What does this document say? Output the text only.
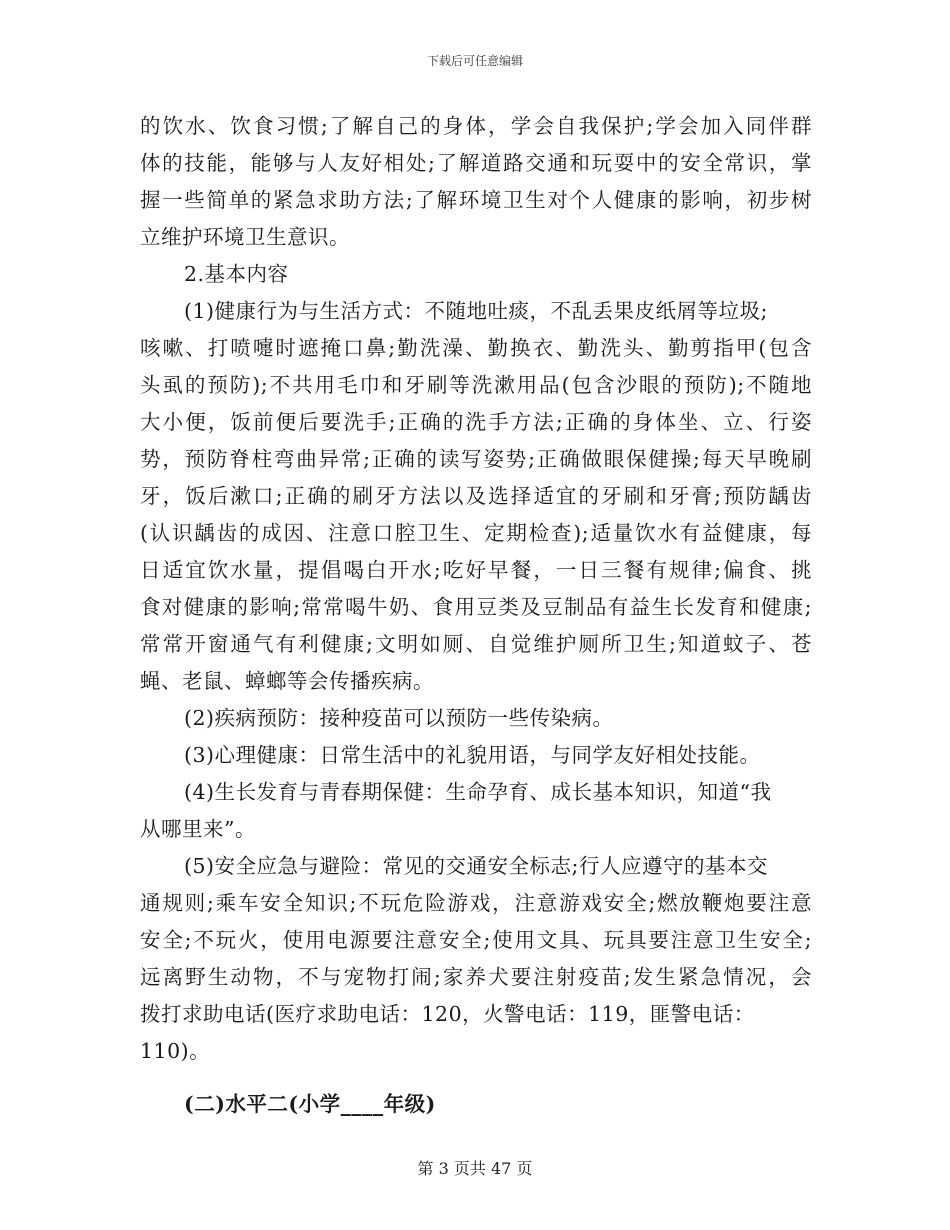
下载后可任意编辑
的饮水、饮食习惯;了解自己的身体，学会自我保护;学会加入同伴群
体的技能，能够与人友好相处;了解道路交通和玩耍中的安全常识，掌
握一些简单的紧急求助方法;了解环境卫生对个人健康的影响，初步树
立维护环境卫生意识。
2.基本内容
(1)健康行为与生活方式：不随地吐痰，不乱丢果皮纸屑等垃圾;
咳嗽、打喷嚏时遮掩口鼻;勤洗澡、勤换衣、勤洗头、勤剪指甲(包含
头虱的预防);不共用毛巾和牙刷等洗漱用品(包含沙眼的预防);不随地
大小便，饭前便后要洗手;正确的洗手方法;正确的身体坐、立、行姿
势，预防脊柱弯曲异常;正确的读写姿势;正确做眼保健操;每天早晚刷
牙，饭后漱口;正确的刷牙方法以及选择适宜的牙刷和牙膏;预防龋齿
(认识龋齿的成因、注意口腔卫生、定期检查);适量饮水有益健康，每
日适宜饮水量，提倡喝白开水;吃好早餐，一日三餐有规律;偏食、挑
食对健康的影响;常常喝牛奶、食用豆类及豆制品有益生长发育和健康;
常常开窗通气有利健康;文明如厕、自觉维护厕所卫生;知道蚊子、苍
蝇、老鼠、蟑螂等会传播疾病。
(2)疾病预防：接种疫苗可以预防一些传染病。
(3)心理健康：日常生活中的礼貌用语，与同学友好相处技能。
(4)生长发育与青春期保健：生命孕育、成长基本知识，知道“我
从哪里来”。
(5)安全应急与避险：常见的交通安全标志;行人应遵守的基本交
通规则;乘车安全知识;不玩危险游戏，注意游戏安全;燃放鞭炮要注意
安全;不玩火，使用电源要注意安全;使用文具、玩具要注意卫生安全;
远离野生动物，不与宠物打闹;家养犬要注射疫苗;发生紧急情况，会
拨打求助电话(医疗求助电话：120，火警电话：119，匪警电话：
110)。
(二)水平二(小学____年级)
第 3 页共 47 页
